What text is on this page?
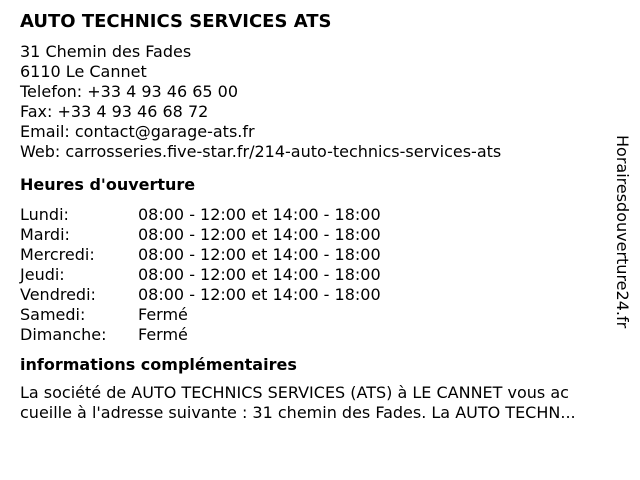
AUTO TECHNICS SERVICES ATS
31 Chemin des Fades
6110 Le Cannet
Telefon: +33 4 93 46 65 00
Fax: +33 4 93 46 68 72
Email: contact@garage-ats.fr
Web: carrosseries.five-star.fr/214-auto-technics-services-ats
Heures d'ouverture
Lundi:	08:00 - 12:00 et 14:00 - 18:00
Mardi:	08:00 - 12:00 et 14:00 - 18:00
Mercredi:	08:00 - 12:00 et 14:00 - 18:00
Jeudi:	08:00 - 12:00 et 14:00 - 18:00
Vendredi:	08:00 - 12:00 et 14:00 - 18:00
Samedi:	Fermé
Dimanche:	Fermé
informations complémentaires
La société de AUTO TECHNICS SERVICES (ATS) à LE CANNET vous ac
cueille à l'adresse suivante : 31 chemin des Fades. La AUTO TECHN...
Horairesdouverture24.fr
